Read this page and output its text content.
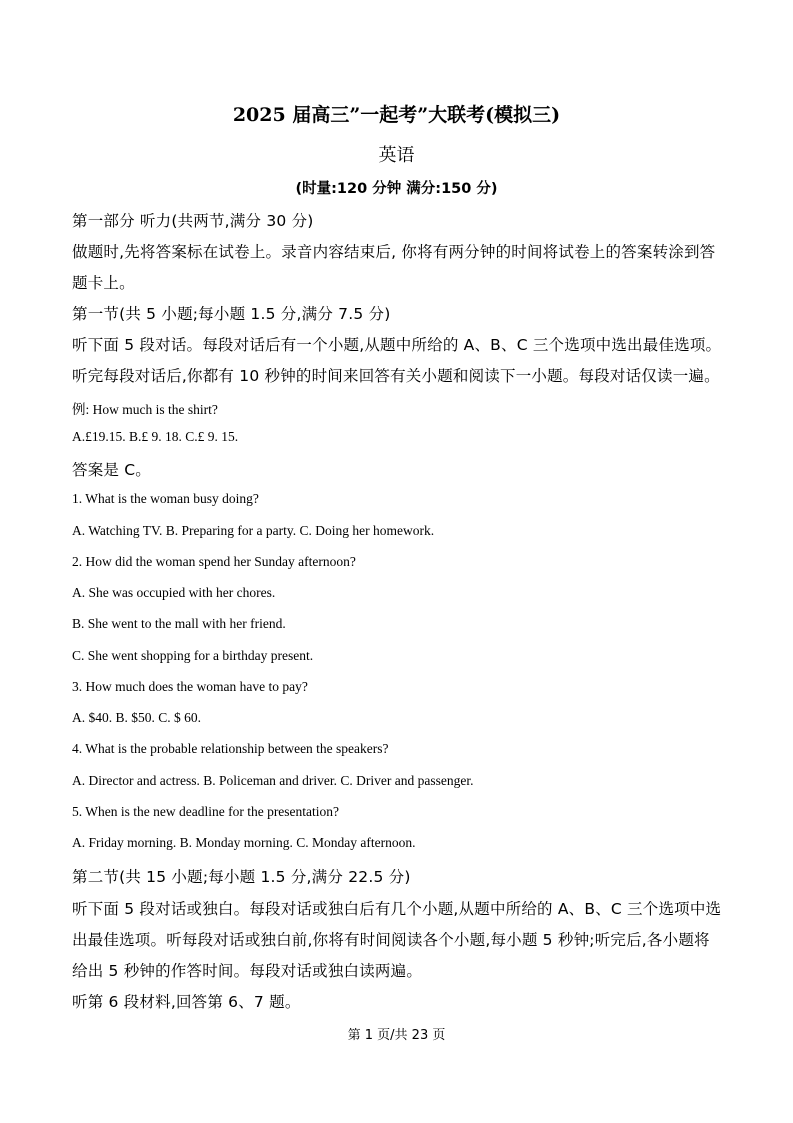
2025 届高三”一起考”大联考(模拟三)
英语
(时量:120 分钟 满分:150 分)
第一部分 听力(共两节,满分 30 分)
做题时,先将答案标在试卷上。录音内容结束后, 你将有两分钟的时间将试卷上的答案转涂到答
题卡上。
第一节(共 5 小题;每小题 1.5 分,满分 7.5 分)
听下面 5 段对话。每段对话后有一个小题,从题中所给的 A、B、C 三个选项中选出最佳选项。
听完每段对话后,你都有 10 秒钟的时间来回答有关小题和阅读下一小题。每段对话仅读一遍。
例: How much is the shirt?
A.£19.15. B.£ 9. 18. C.£ 9. 15.
答案是 C。
1. What is the woman busy doing?
A. Watching TV. B. Preparing for a party. C. Doing her homework.
2. How did the woman spend her Sunday afternoon?
A. She was occupied with her chores.
B. She went to the mall with her friend.
C. She went shopping for a birthday present.
3. How much does the woman have to pay?
A. $40. B. $50. C. $ 60.
4. What is the probable relationship between the speakers?
A. Director and actress. B. Policeman and driver. C. Driver and passenger.
5. When is the new deadline for the presentation?
A. Friday morning. B. Monday morning. C. Monday afternoon.
第二节(共 15 小题;每小题 1.5 分,满分 22.5 分)
听下面 5 段对话或独白。每段对话或独白后有几个小题,从题中所给的 A、B、C 三个选项中选
出最佳选项。听每段对话或独白前,你将有时间阅读各个小题,每小题 5 秒钟;听完后,各小题将
给出 5 秒钟的作答时间。每段对话或独白读两遍。
听第 6 段材料,回答第 6、7 题。
第 1 页/共 23 页
